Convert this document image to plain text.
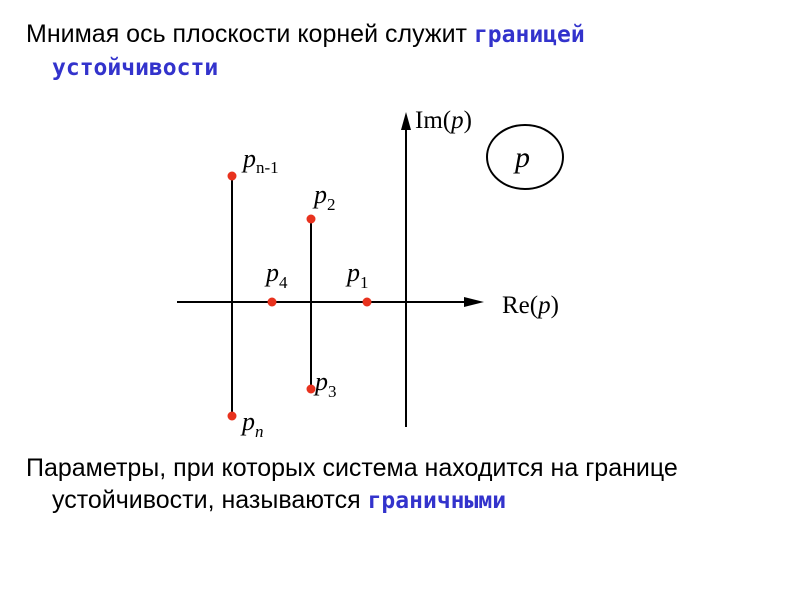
Мнимая ось плоскости корней служит границей
устойчивости
p
Im(p)
Re(p)
$p_{n-1}$
$p_2$
$p_4$ $p_1$
$p_3$
$p_n$
Параметры, при которых система находится на границе
устойчивости, называются граничными
